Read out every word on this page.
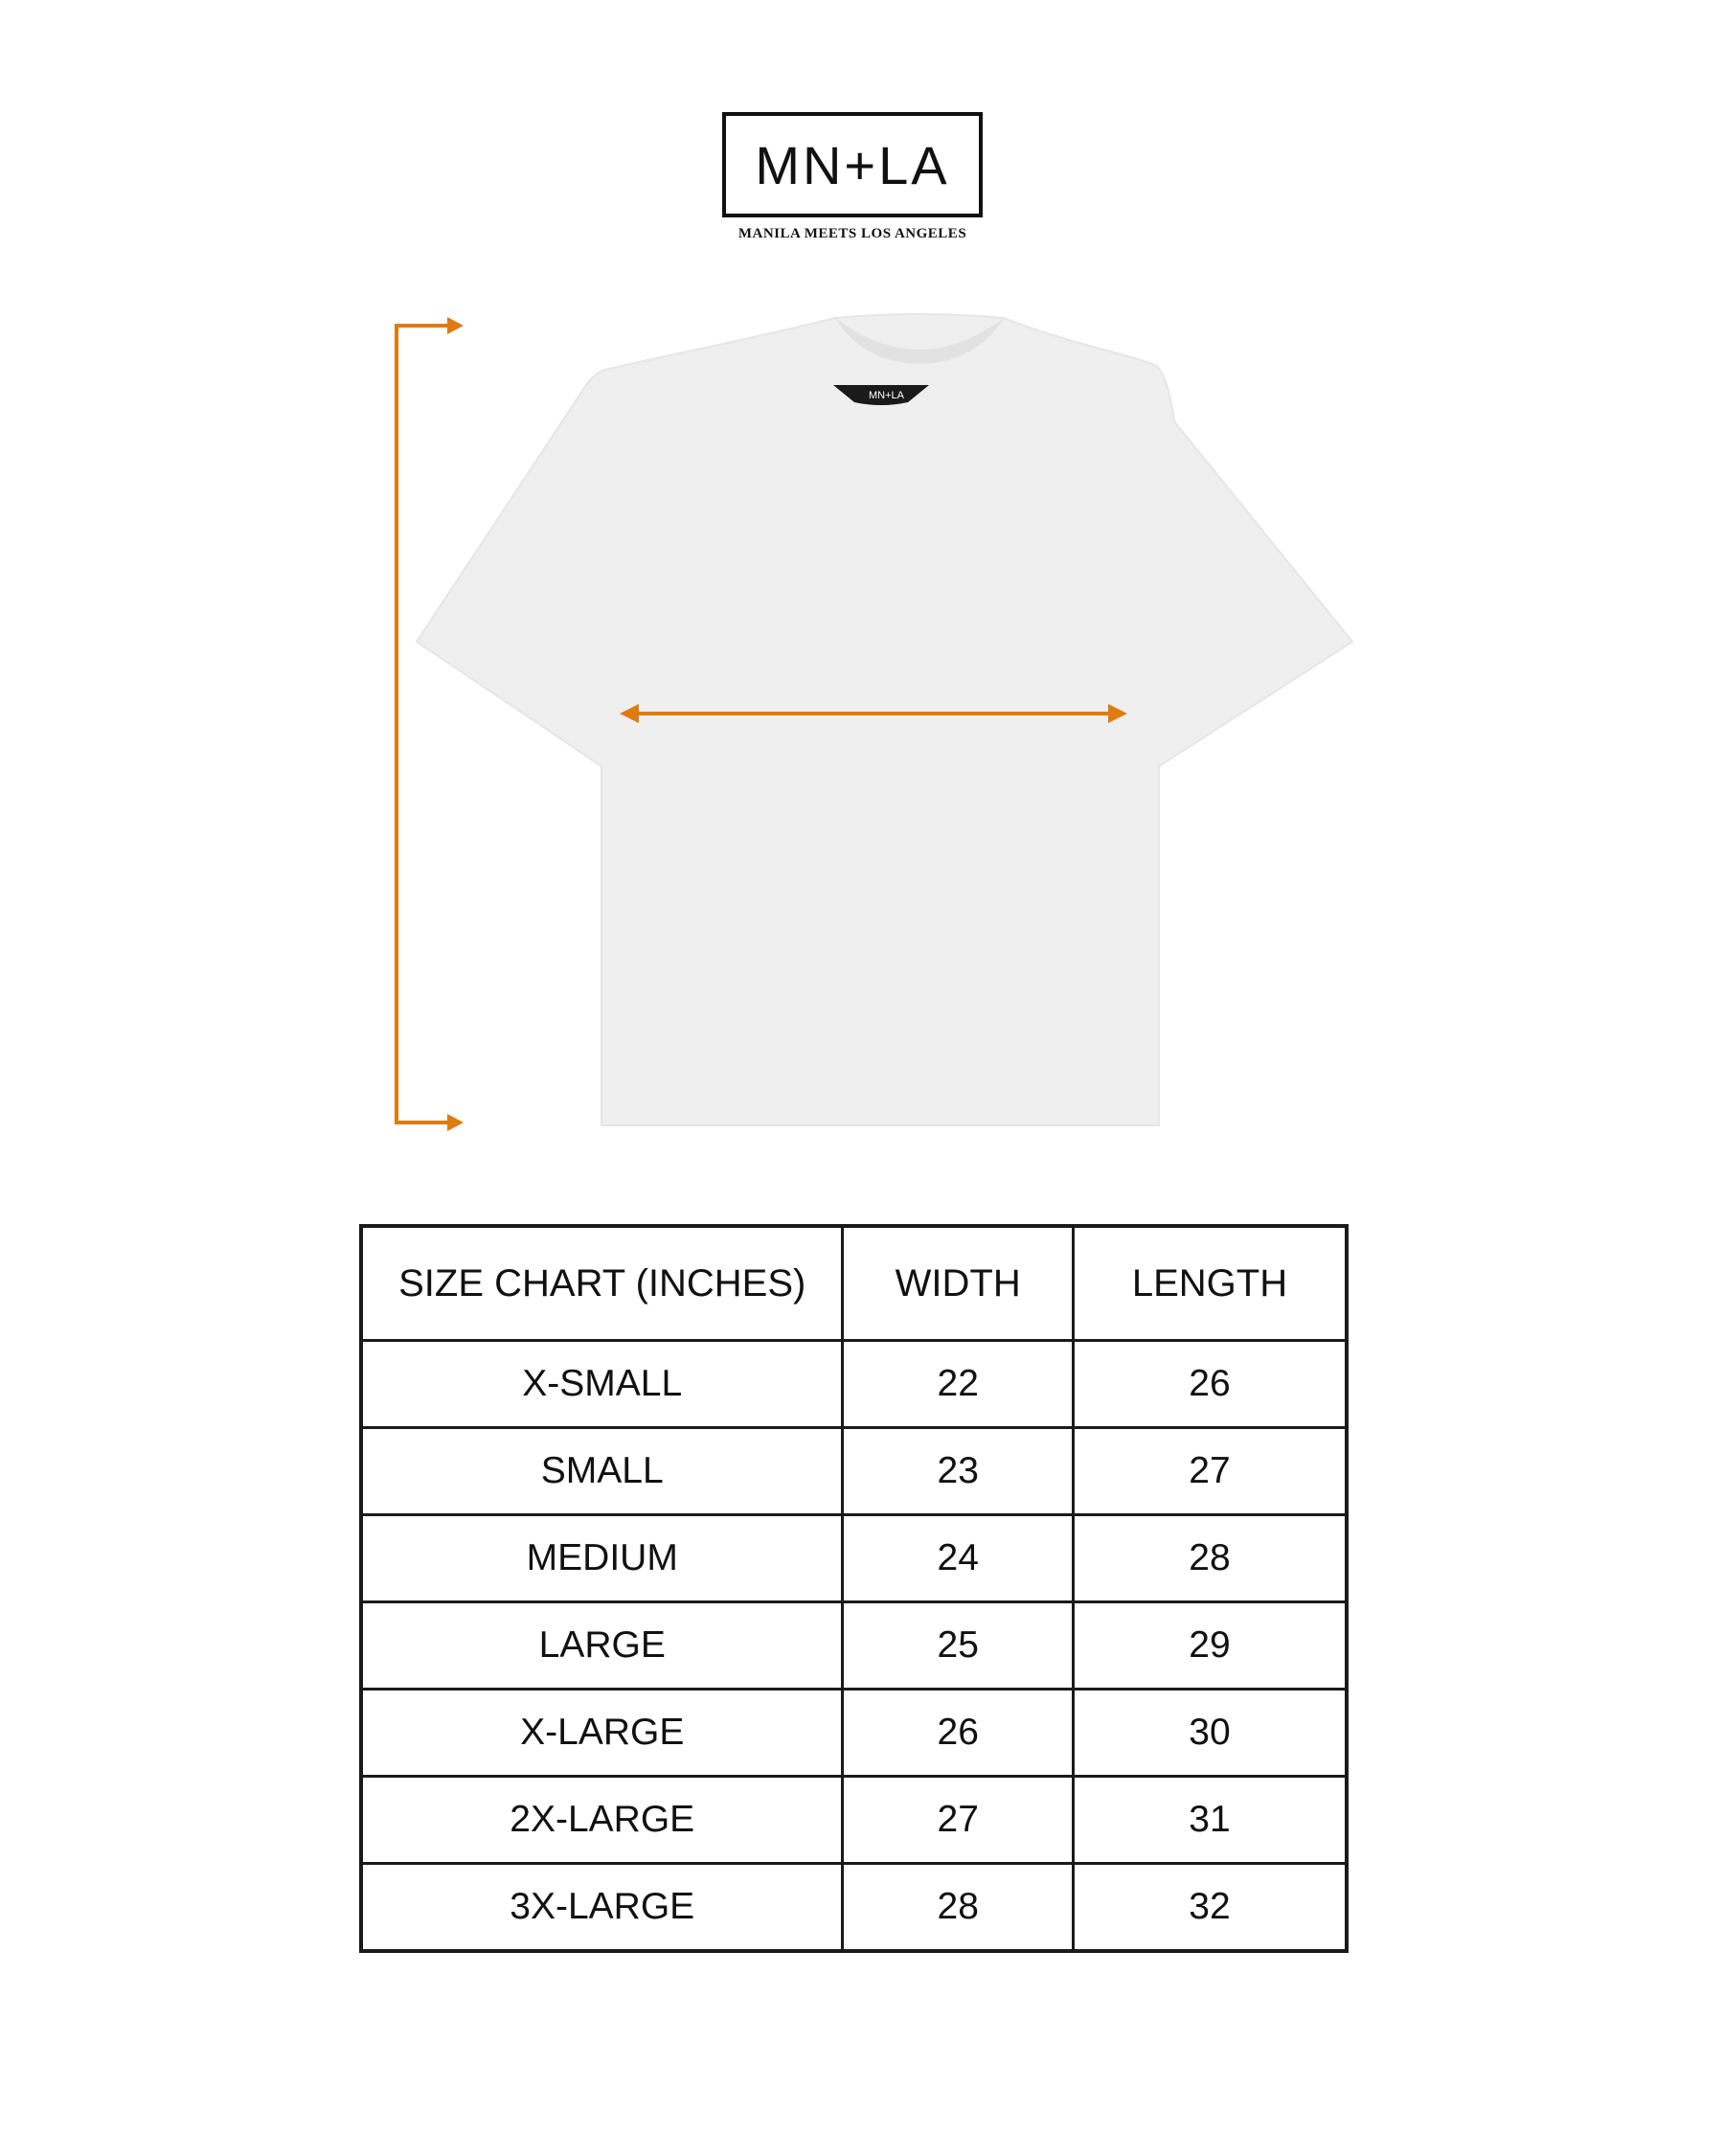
MN+LA
MANILA MEETS LOS ANGELES
MN+LA
SIZE CHART (INCHES)	WIDTH	LENGTH
X-SMALL	22	26
SMALL	23	27
MEDIUM	24	28
LARGE	25	29
X-LARGE	26	30
2X-LARGE	27	31
3X-LARGE	28	32
